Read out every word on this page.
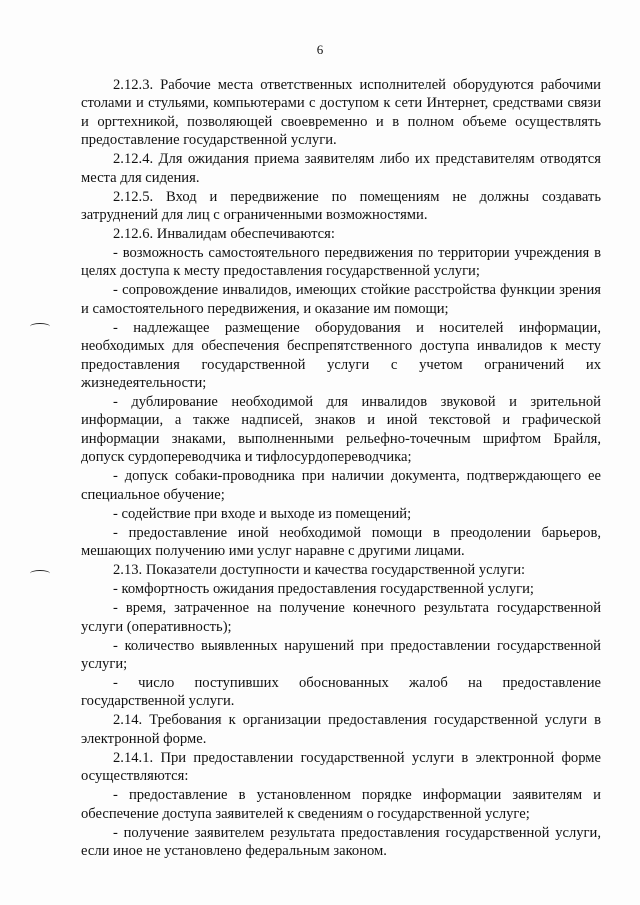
6

2.12.3. Рабочие места ответственных исполнителей оборудуются рабочими столами и стульями, компьютерами с доступом к сети Интернет, средствами связи и оргтехникой, позволяющей своевременно и в полном объеме осуществлять предоставление государственной услуги.

2.12.4. Для ожидания приема заявителям либо их представителям отводятся места для сидения.

2.12.5. Вход и передвижение по помещениям не должны создавать затруднений для лиц с ограниченными возможностями.

2.12.6. Инвалидам обеспечиваются:

- возможность самостоятельного передвижения по территории учреждения в целях доступа к месту предоставления государственной услуги;

- сопровождение инвалидов, имеющих стойкие расстройства функции зрения и самостоятельного передвижения, и оказание им помощи;

- надлежащее размещение оборудования и носителей информации, необходимых для обеспечения беспрепятственного доступа инвалидов к месту предоставления государственной услуги с учетом ограничений их жизнедеятельности;

- дублирование необходимой для инвалидов звуковой и зрительной информации, а также надписей, знаков и иной текстовой и графической информации знаками, выполненными рельефно-точечным шрифтом Брайля, допуск сурдопереводчика и тифлосурдопереводчика;

- допуск собаки-проводника при наличии документа, подтверждающего ее специальное обучение;

- содействие при входе и выходе из помещений;

- предоставление иной необходимой помощи в преодолении барьеров, мешающих получению ими услуг наравне с другими лицами.

2.13. Показатели доступности и качества государственной услуги:

- комфортность ожидания предоставления государственной услуги;

- время, затраченное на получение конечного результата государственной услуги (оперативность);

- количество выявленных нарушений при предоставлении государственной услуги;

- число поступивших обоснованных жалоб на предоставление государственной услуги.

2.14. Требования к организации предоставления государственной услуги в электронной форме.

2.14.1. При предоставлении государственной услуги в электронной форме осуществляются:

- предоставление в установленном порядке информации заявителям и обеспечение доступа заявителей к сведениям о государственной услуге;

- получение заявителем результата предоставления государственной услуги, если иное не установлено федеральным законом.
